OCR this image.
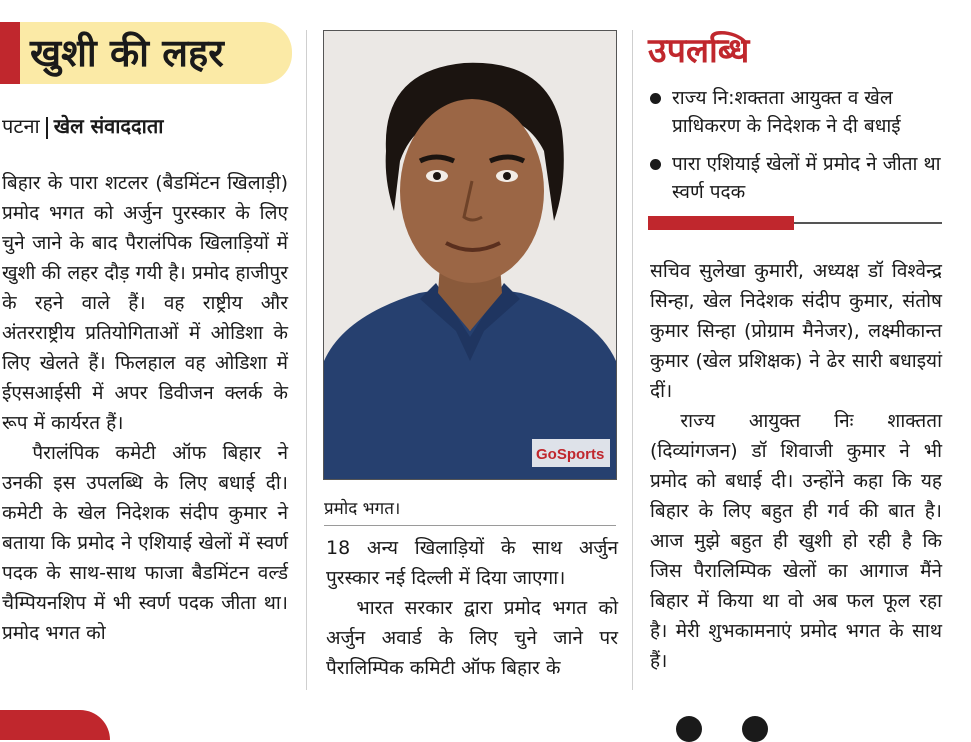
खुशी की लहर
पटना खेल संवाददाता

बिहार के पारा शटलर (बैडमिंटन खिलाड़ी) प्रमोद भगत को अर्जुन पुरस्कार के लिए चुने जाने के बाद पैरालंपिक खिलाड़ियों में खुशी की लहर दौड़ गयी है। प्रमोद हाजीपुर के रहने वाले हैं। वह राष्ट्रीय और अंतरराष्ट्रीय प्रतियोगिताओं में ओडिशा के लिए खेलते हैं। फिलहाल वह ओडिशा में ईएसआईसी में अपर डिवीजन क्लर्क के रूप में कार्यरत हैं।

पैरालंपिक कमेटी ऑफ बिहार ने उनकी इस उपलब्धि के लिए बधाई दी। कमेटी के खेल निदेशक संदीप कुमार ने बताया कि प्रमोद ने एशियाई खेलों में स्वर्ण पदक के साथ-साथ फाजा बैडमिंटन वर्ल्ड चैम्पियनशिप में भी स्वर्ण पदक जीता था। प्रमोद भगत को

GoSports
प्रमोद भगत।

18 अन्य खिलाड़ियों के साथ अर्जुन पुरस्कार नई दिल्ली में दिया जाएगा।

भारत सरकार द्वारा प्रमोद भगत को अर्जुन अवार्ड के लिए चुने जाने पर पैरालिम्पिक कमिटी ऑफ बिहार के

उपलब्धि
राज्य नि:शक्तता आयुक्त व खेल प्राधिकरण के निदेशक ने दी बधाई
पारा एशियाई खेलों में प्रमोद ने जीता था स्वर्ण पदक

सचिव सुलेखा कुमारी, अध्यक्ष डॉ विश्वेन्द्र सिन्हा, खेल निदेशक संदीप कुमार, संतोष कुमार सिन्हा (प्रोग्राम मैनेजर), लक्ष्मीकान्त कुमार (खेल प्रशिक्षक) ने ढेर सारी बधाइयां दीं।

राज्य आयुक्त निः शाक्तता (दिव्यांगजन) डॉ शिवाजी कुमार ने भी प्रमोद को बधाई दी। उन्होंने कहा कि यह बिहार के लिए बहुत ही गर्व की बात है। आज मुझे बहुत ही खुशी हो रही है कि जिस पैरालिम्पिक खेलों का आगाज मैंने बिहार में किया था वो अब फल फूल रहा है। मेरी शुभकामनाएं प्रमोद भगत के साथ हैं।
